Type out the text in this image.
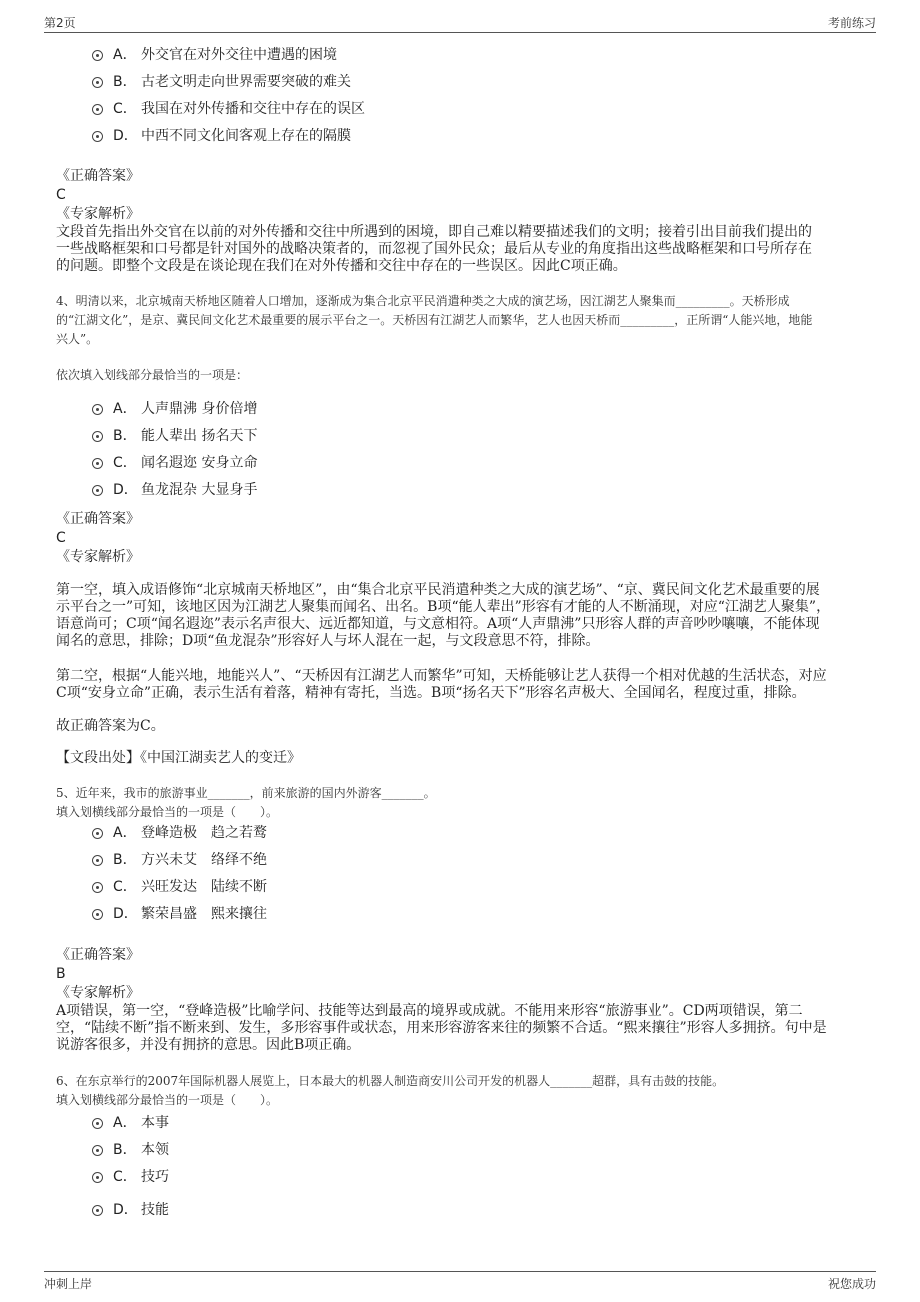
第2页	考前练习
A． 外交官在对外交往中遭遇的困境
B． 古老文明走向世界需要突破的难关
C． 我国在对外传播和交往中存在的误区
D． 中西不同文化间客观上存在的隔膜

《正确答案》

C

《专家解析》

文段首先指出外交官在以前的对外传播和交往中所遇到的困境，即自己难以精要描述我们的文明；接着引出目前我们提出的

一些战略框架和口号都是针对国外的战略决策者的，而忽视了国外民众；最后从专业的角度指出这些战略框架和口号所存在

的问题。即整个文段是在谈论现在我们在对外传播和交往中存在的一些误区。因此C项正确。

4、明清以来，北京城南天桥地区随着人口增加，逐渐成为集合北京平民消遣种类之大成的演艺场，因江湖艺人聚集而_________。天桥形成

的“江湖文化”，是京、冀民间文化艺术最重要的展示平台之一。天桥因有江湖艺人而繁华，艺人也因天桥而_________，正所谓“人能兴地，地能

兴人”。

依次填入划线部分最恰当的一项是：

A． 人声鼎沸 身价倍增
B． 能人辈出 扬名天下
C． 闻名遐迩 安身立命
D． 鱼龙混杂 大显身手

《正确答案》

C

《专家解析》

第一空，填入成语修饰“北京城南天桥地区”，由“集合北京平民消遣种类之大成的演艺场”、“京、冀民间文化艺术最重要的展

示平台之一”可知，该地区因为江湖艺人聚集而闻名、出名。B项“能人辈出”形容有才能的人不断涌现，对应“江湖艺人聚集”，

语意尚可；C项“闻名遐迩”表示名声很大、远近都知道，与文意相符。A项“人声鼎沸”只形容人群的声音吵吵嚷嚷，不能体现

闻名的意思，排除；D项“鱼龙混杂”形容好人与坏人混在一起，与文段意思不符，排除。

第二空，根据“人能兴地，地能兴人”、“天桥因有江湖艺人而繁华”可知，天桥能够让艺人获得一个相对优越的生活状态，对应

C项“安身立命”正确，表示生活有着落，精神有寄托，当选。B项“扬名天下”形容名声极大、全国闻名，程度过重，排除。

故正确答案为C。

【文段出处】《中国江湖卖艺人的变迁》

5、近年来，我市的旅游事业_______，前来旅游的国内外游客_______。

填入划横线部分最恰当的一项是（　　）。

A． 登峰造极　趋之若鹜
B． 方兴未艾　络绎不绝
C． 兴旺发达　陆续不断
D． 繁荣昌盛　熙来攘往

《正确答案》

B

《专家解析》

A项错误，第一空，“登峰造极”比喻学问、技能等达到最高的境界或成就。不能用来形容“旅游事业”。CD两项错误，第二

空，“陆续不断”指不断来到、发生，多形容事件或状态，用来形容游客来往的频繁不合适。“熙来攘往”形容人多拥挤。句中是

说游客很多，并没有拥挤的意思。因此B项正确。

6、在东京举行的2007年国际机器人展览上，日本最大的机器人制造商安川公司开发的机器人_______超群，具有击鼓的技能。

填入划横线部分最恰当的一项是（　　）。

A． 本事
B． 本领
C． 技巧
D． 技能
冲刺上岸	祝您成功
